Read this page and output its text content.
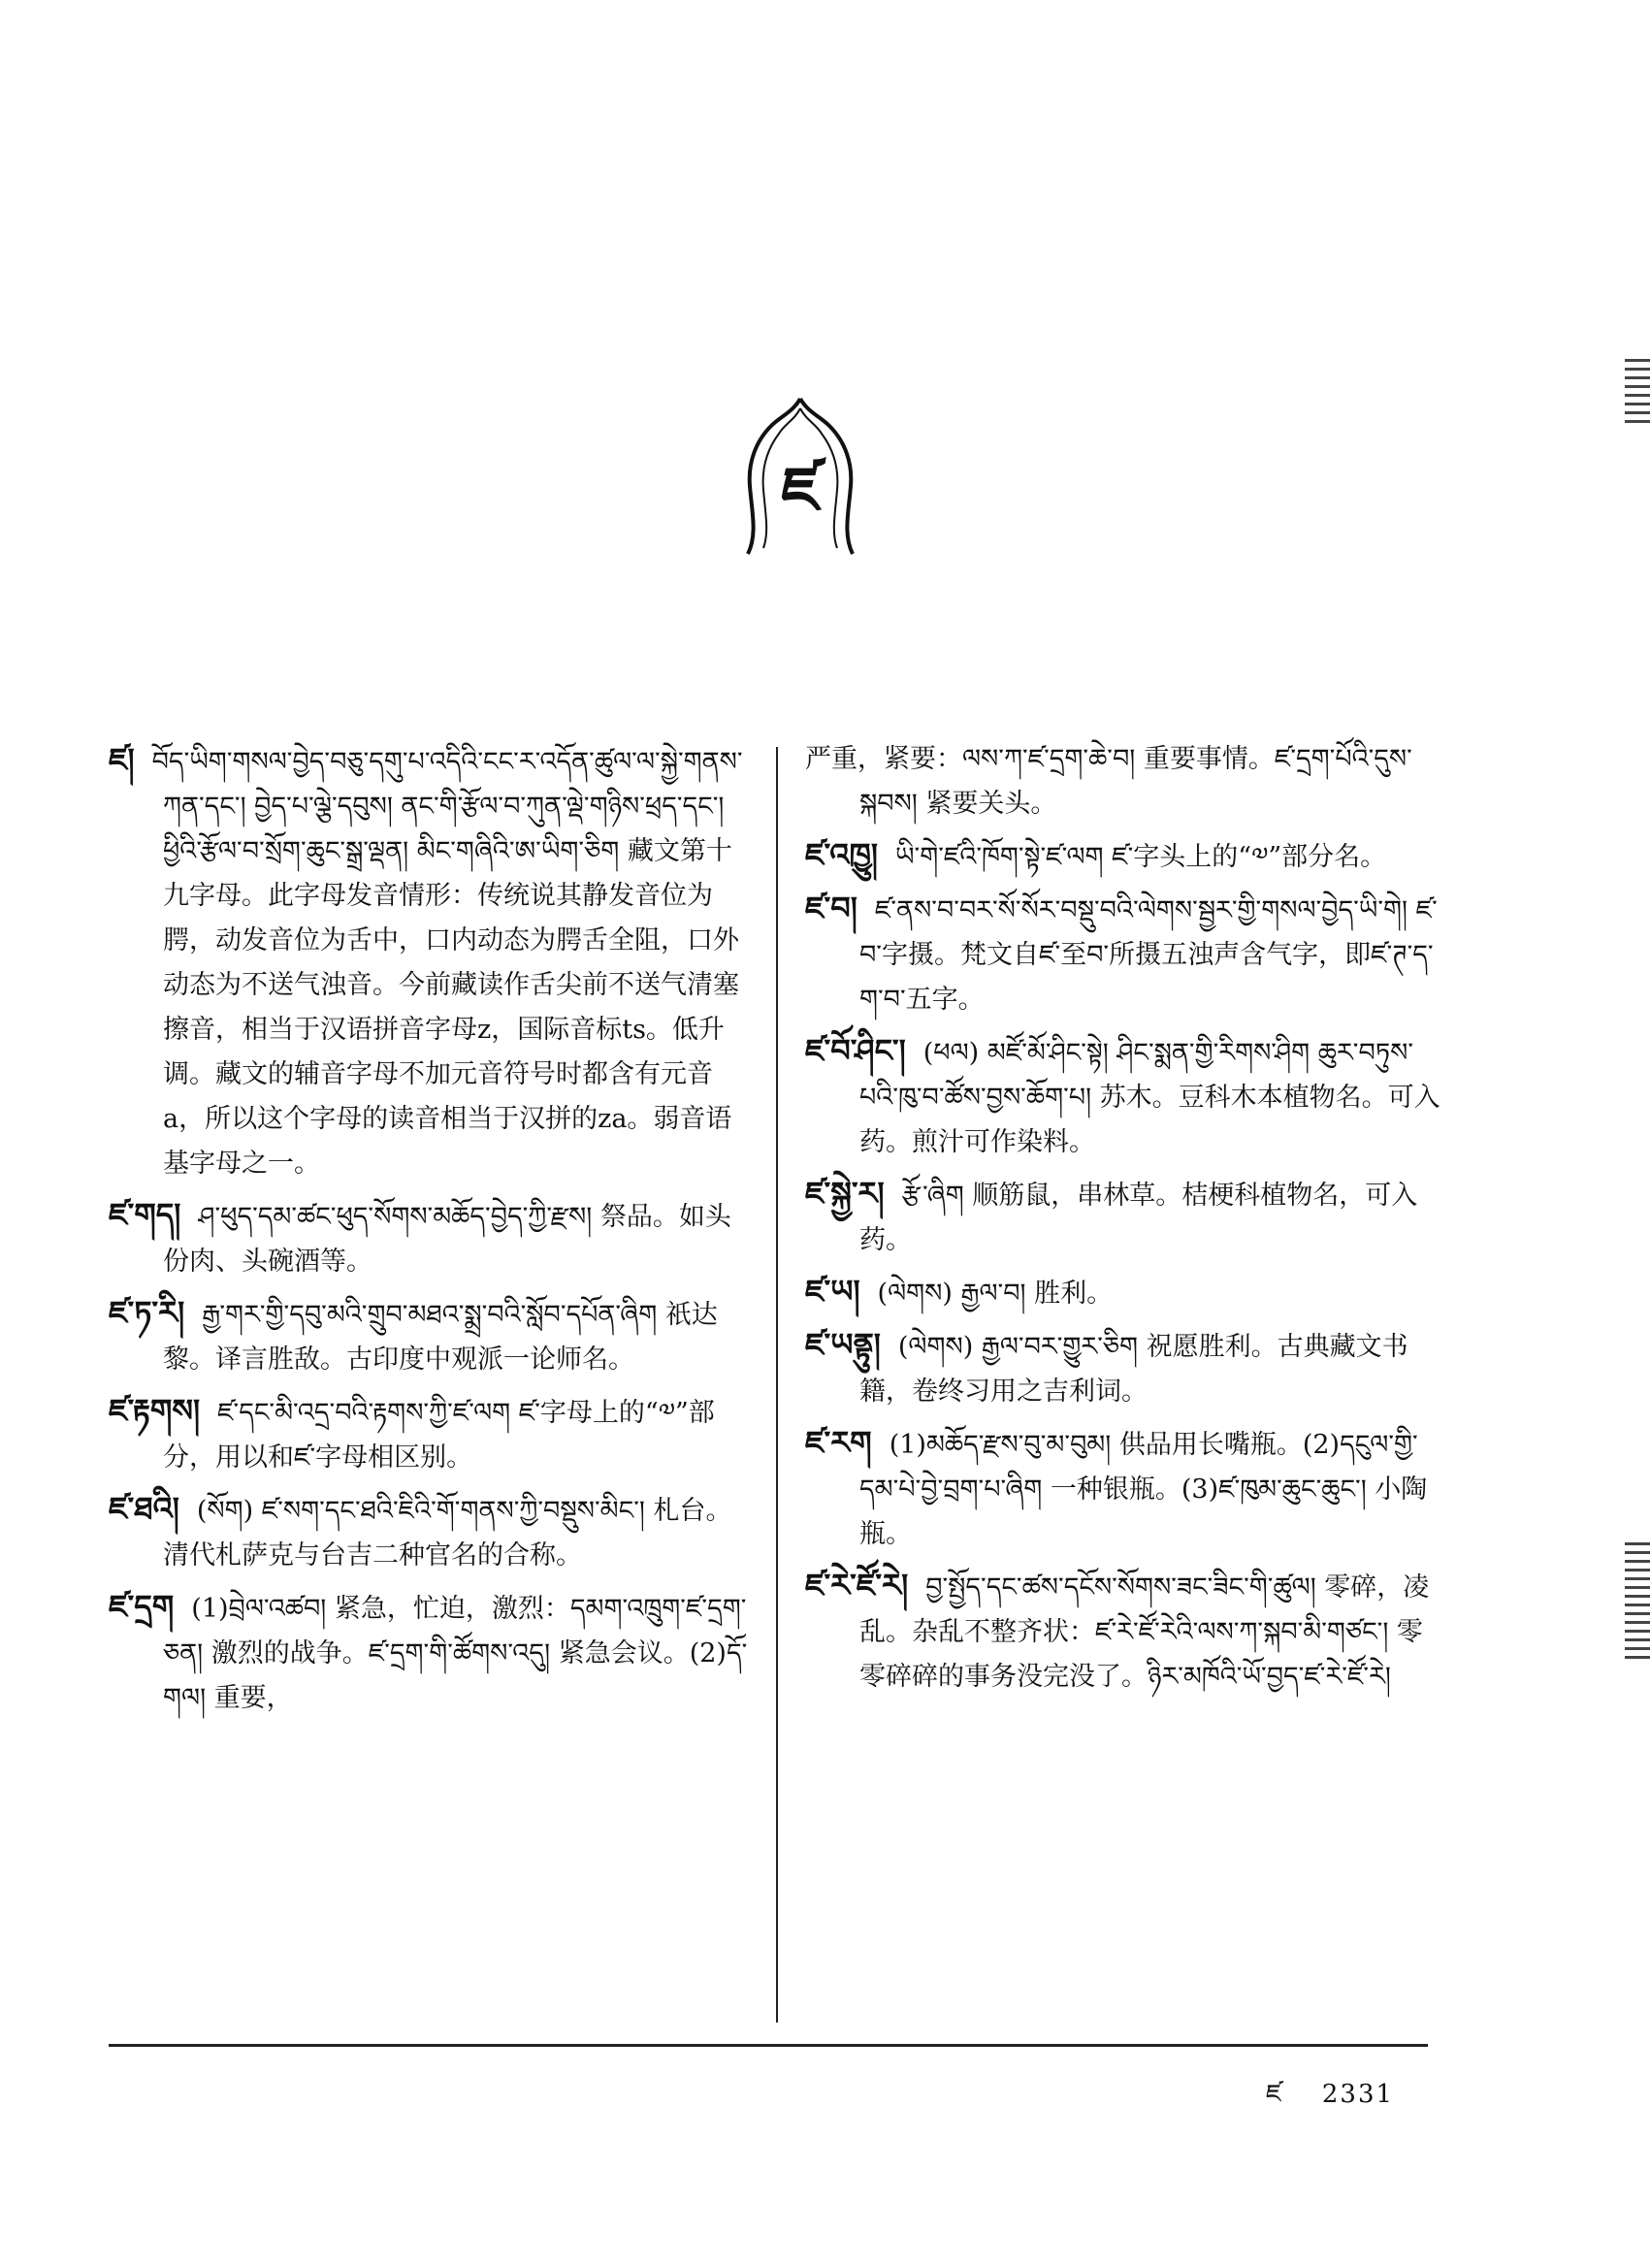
ཛ

ཛ། བོད་ཡིག་གསལ་བྱེད་བཅུ་དགུ་པ་འདིའི་ངང་ར་འདོན་ཚུལ་ལ་སྐྱེ་གནས་ཀན་དང་། བྱེད་པ་ལྕེ་དབུས། ནང་གི་རྩོལ་བ་ཀུན་ལྡེ་གཉིས་ཕྲད་དང་། ཕྱིའི་རྩོལ་བ་སྲོག་ཆུང་སྒྲ་ལྡན། མིང་གཞིའི་ཨ་ཡིག་ཅིག 藏文第十九字母。此字母发音情形：传统说其静发音位为腭，动发音位为舌中，口内动态为腭舌全阻，口外动态为不送气浊音。今前藏读作舌尖前不送气清塞擦音，相当于汉语拼音字母z，国际音标ts。低升调。藏文的辅音字母不加元音符号时都含有元音a，所以这个字母的读音相当于汉拼的za。弱音语基字母之一。

ཛ་གད། ཤ་ཕུད་དམ་ཚང་ཕུད་སོགས་མཆོད་བྱེད་ཀྱི་རྫས། 祭品。如头份肉、头碗酒等。

ཛ་ཏ་རི། རྒྱ་གར་གྱི་དབུ་མའི་གྲུབ་མཐའ་སྨྲ་བའི་སློབ་དཔོན་ཞིག 祇达黎。译言胜敌。古印度中观派一论师名。

ཛ་རྟགས། ཛ་དང་མི་འདྲ་བའི་རྟགས་ཀྱི་ཛ་ལག ཛ་字母上的“༧”部分，用以和ཛ་字母相区别。

ཛ་ཐའི། (སོག) ཛ་སག་དང་ཐའི་ཇིའི་གོ་གནས་ཀྱི་བསྡུས་མིང་། 札台。清代札萨克与台吉二种官名的合称。

ཛ་དྲག (1)བྲེལ་འཚབ། 紧急，忙迫，激烈：དམག་འཁྲུག་ཛ་དྲག་ཅན། 激烈的战争。ཛ་དྲག་གི་ཚོགས་འདུ། 紧急会议。(2)དོ་གལ། 重要，

严重，紧要：ལས་ཀ་ཛ་དྲག་ཆེ་བ། 重要事情。ཛ་དྲག་པོའི་དུས་སྐབས། 紧要关头。

ཛ་འཁྱུ། ཡི་གེ་ཛའི་ཁོག་སྟེ་ཛ་ལག ཛ་字头上的“༧”部分名。

ཛ་བ། ཛ་ནས་བ་བར་སོ་སོར་བསྡུ་བའི་ལེགས་སྦྱར་གྱི་གསལ་བྱེད་ཡི་གེ། ཛ་བ་字摄。梵文自ཛ་至བ་所摄五浊声含气字，即ཛ་ཊ་ད་ག་བ་五字。

ཛ་བོ་ཤིང་། (ཕལ) མཛོ་མོ་ཤིང་སྟེ། ཤིང་སྨན་གྱི་རིགས་ཤིག ཆུར་བཏུས་པའི་ཁུ་བ་ཚོས་བྱས་ཆོག་པ། 苏木。豆科木本植物名。可入药。煎汁可作染料。

ཛ་སྐྱེ་ར། རྩོ་ཞིག 顺筋鼠，串林草。桔梗科植物名，可入药。

ཛ་ཡ། (ལེགས) རྒྱལ་བ། 胜利。

ཛ་ཡནྟུ། (ལེགས) རྒྱལ་བར་གྱུར་ཅིག 祝愿胜利。古典藏文书籍，卷终习用之吉利词。

ཛ་རག (1)མཆོད་རྫས་བུ་མ་བུམ། 供品用长嘴瓶。(2)དངུལ་གྱི་དམ་པེ་བྱེ་བྲག་པ་ཞིག 一种银瓶。(3)ཛ་ཁུམ་ཆུང་ཆུང་། 小陶瓶。

ཛ་རེ་ཛོ་རེ། བྱ་སྤྱོད་དང་ཚས་དངོས་སོགས་ཟང་ཟིང་གི་ཚུལ། 零碎，凌乱。杂乱不整齐状：ཛ་རེ་ཛོ་རེའི་ལས་ཀ་སྐབ་མི་གཙང་། 零零碎碎的事务没完没了。ཉིར་མཁོའི་ཡོ་བྱད་ཛ་རེ་ཛོ་རེ།

ཛ 2331
